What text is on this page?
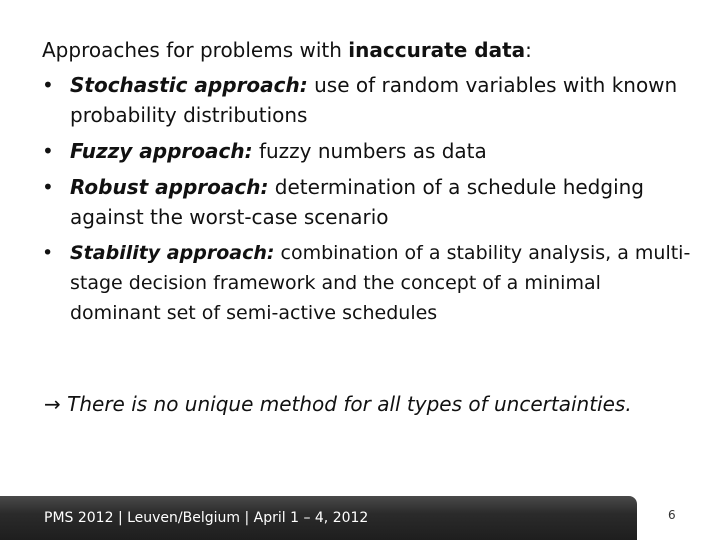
Approaches for problems with inaccurate data:

• Stochastic approach: use of random variables with known probability distributions
• Fuzzy approach: fuzzy numbers as data
• Robust approach: determination of a schedule hedging against the worst-case scenario
• Stability approach: combination of a stability analysis, a multi-stage decision framework and the concept of a minimal dominant set of semi-active schedules
→ There is no unique method for all types of uncertainties.
PMS 2012 | Leuven/Belgium | April 1 – 4, 2012	6
